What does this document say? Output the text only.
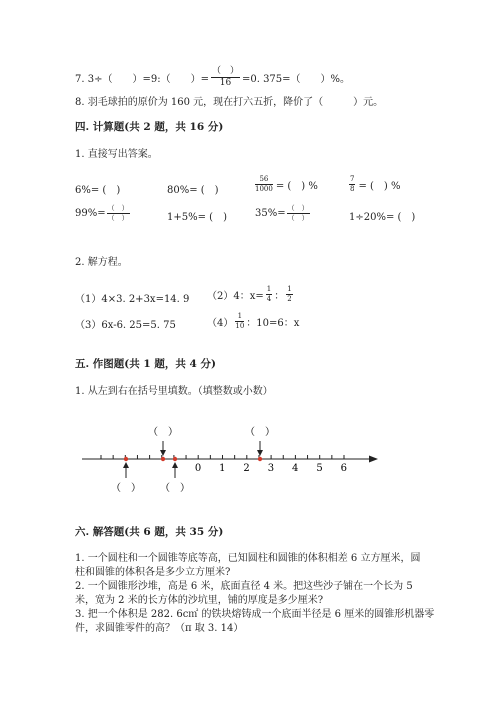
7. 3÷（　　）=9:（　　）= $\frac{( )}{16} =0$. 375=（　　）%。
8. 羽毛球拍的原价为 160 元，现在打六五折，降价了（　　　）元。
四. 计算题(共 2 题，共 16 分)
1. 直接写出答案。
6%= (　)	80%= (　)	$\frac{56}{1000}$ = (　) %	$\frac{7}{8}$ = (　) %
$99\%= \frac{( )}{( )}$	1+5%= (　)	$35\%= \frac{( )}{( )}$	1÷20%= (　)
2. 解方程。
（1）4×3. 2+3x=14. 9 （2）4：$x= \frac{1}{4}$ ： $\frac{1}{2}$
（3）6x-6. 25=5. 75	$(4) \frac{1}{10}$ ：10=6：x
五. 作图题(共 1 题，共 4 分)
1. 从左到右在括号里填数。（填整数或小数）
0 1 2 3 4 5 6
（　）	（　）
（　） （　）
六. 解答题(共 6 题，共 35 分)
1. 一个圆柱和一个圆锥等底等高，已知圆柱和圆锥的体积相差 6 立方厘米，圆
柱和圆锥的体积各是多少立方厘米?
2. 一个圆锥形沙堆，高是 6 米，底面直径 4 米。把这些沙子铺在一个长为 5
米，宽为 2 米的长方体的沙坑里，铺的厚度是多少厘米?
3. 把一个体积是 282. 6c㎡ 的铁块熔铸成一个底面半径是 6 厘米的圆锥形机器零
件，求圆锥零件的高？（π 取 3. 14）
